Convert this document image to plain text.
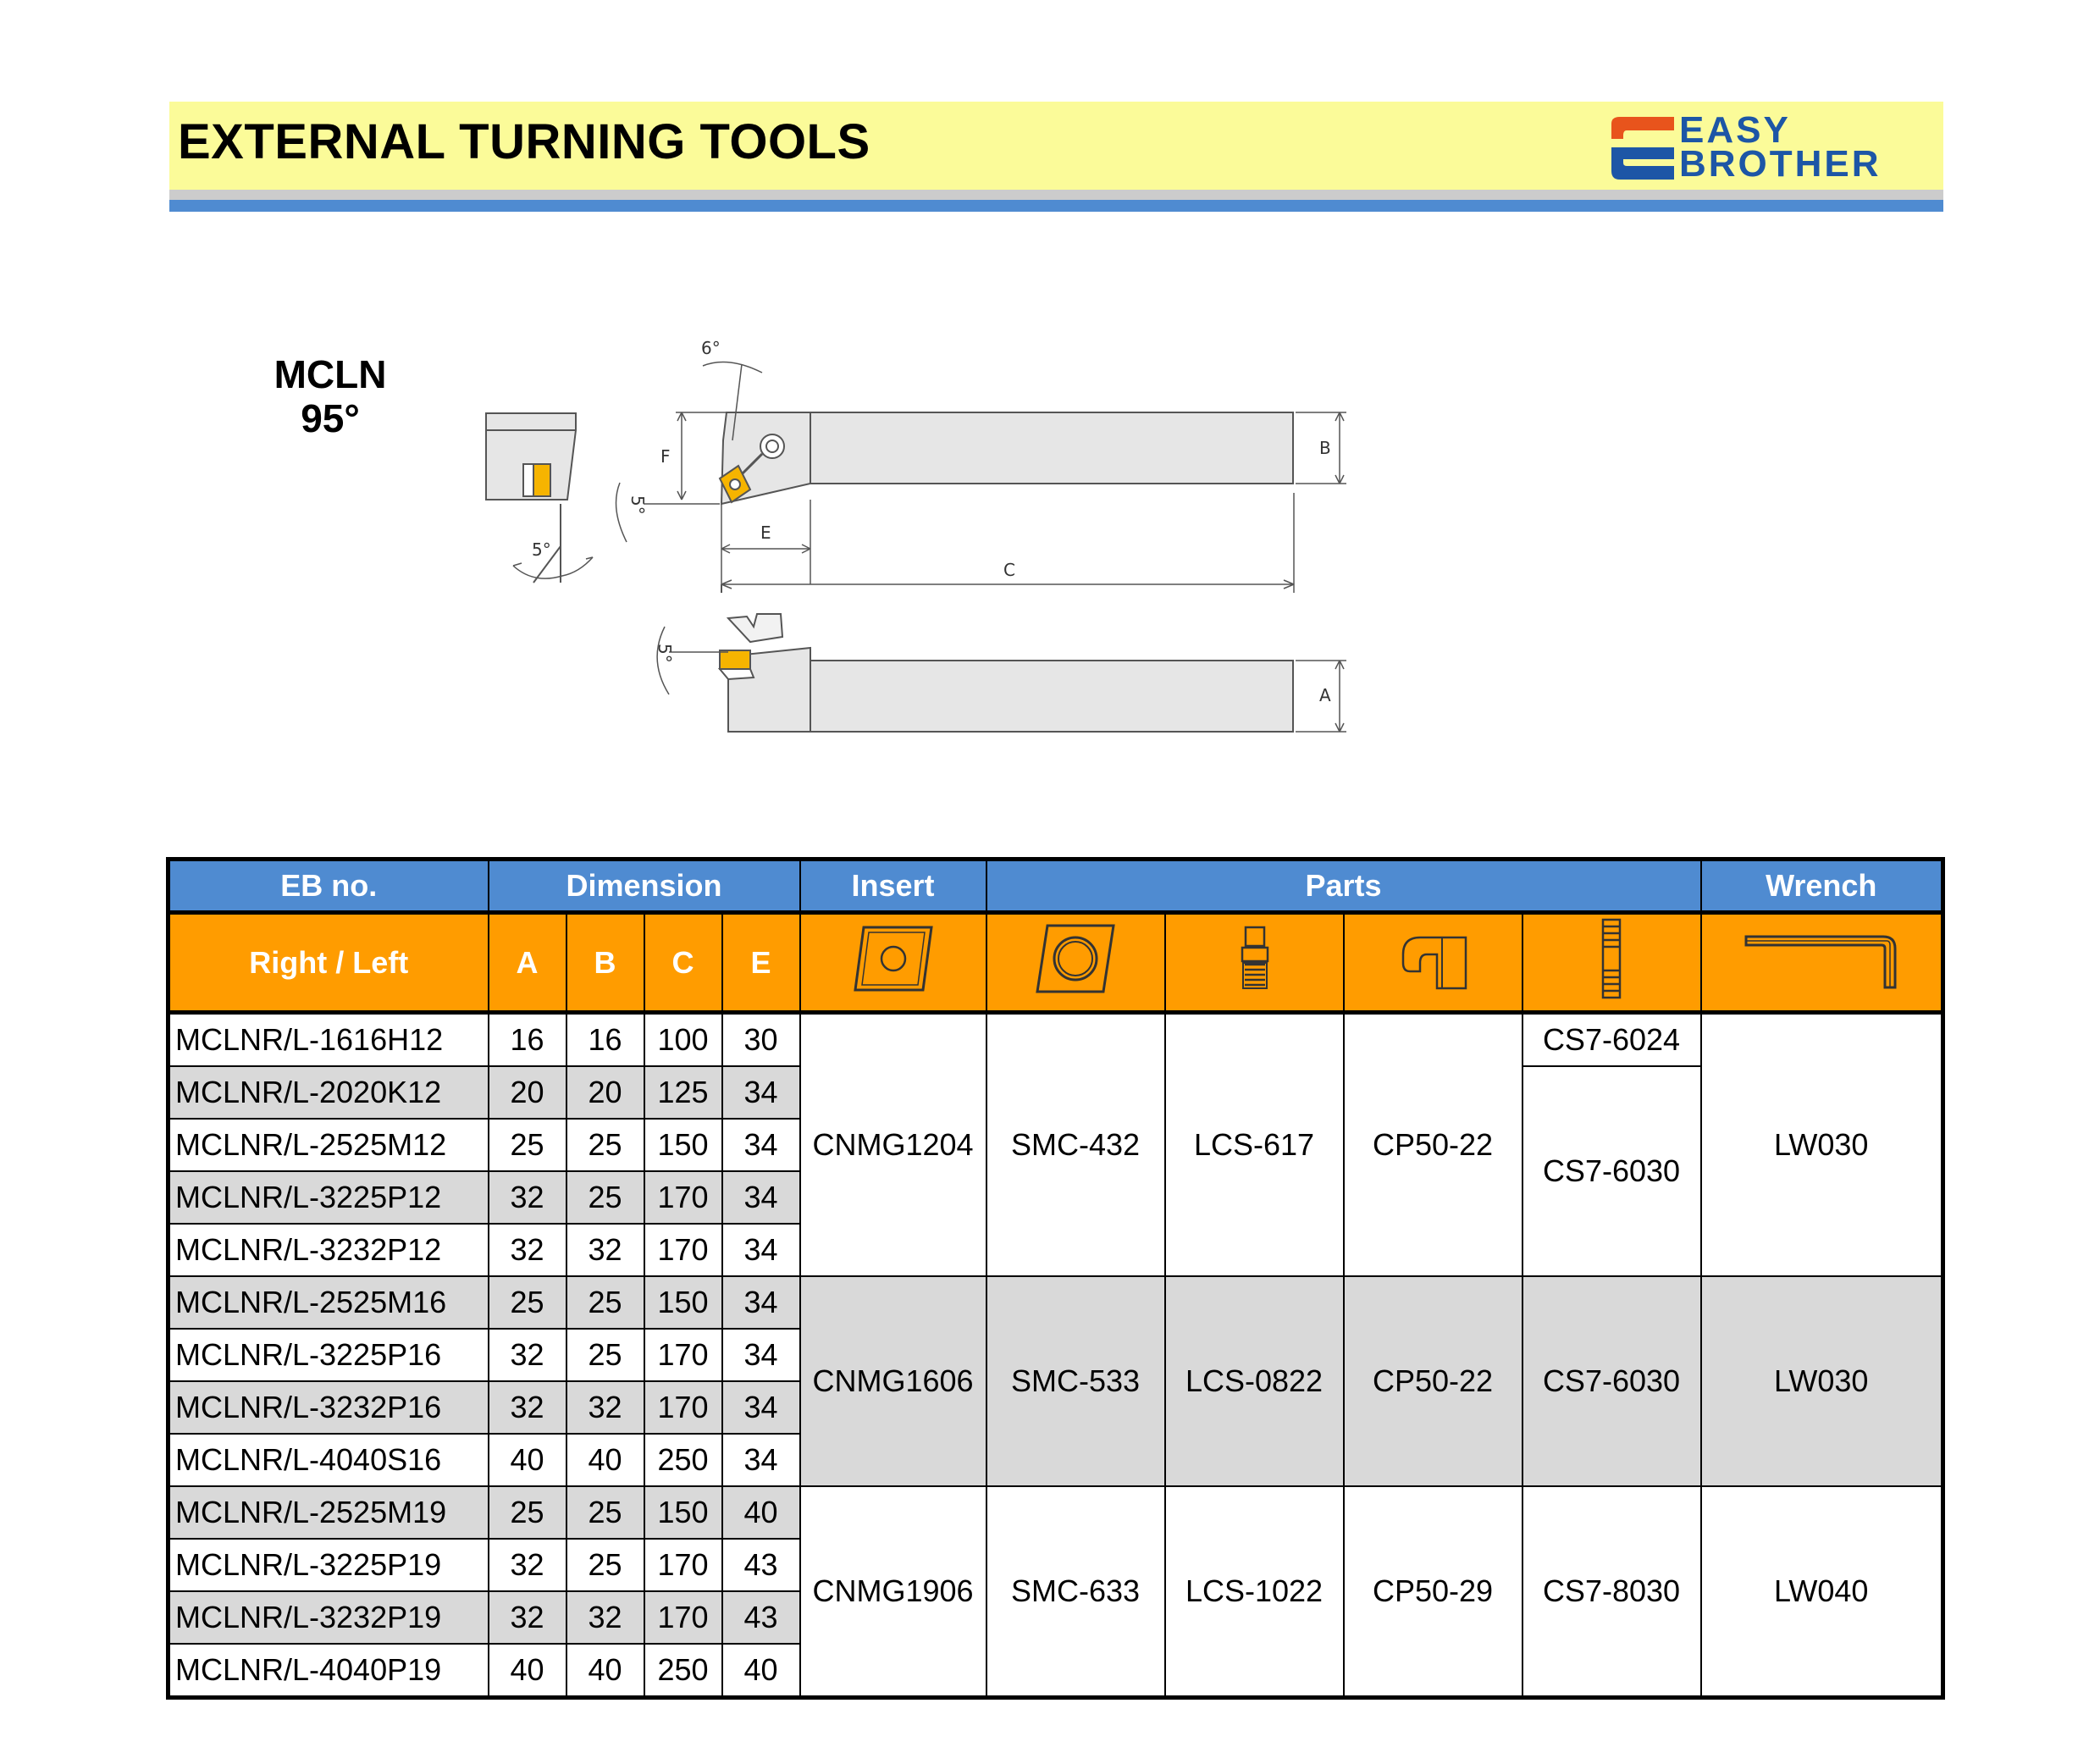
EXTERNAL TURNING TOOLS	EASY
BROTHER
MCLN
95°
6°
5°
5°
5°
F
E
C
B
A
EB no.	Dimension				Insert	Parts				Wrench
Right / Left	A	B	C	E						
MCLNR/L-1616H12	16	16	100	30	CNMG1204	SMC-432	LCS-617	CP50-22	CS7-6024	LW030
MCLNR/L-2020K12	20	20	125	34					CS7-6030	
MCLNR/L-2525M12	25	25	150	34						
MCLNR/L-3225P12	32	25	170	34						
MCLNR/L-3232P12	32	32	170	34						
MCLNR/L-2525M16	25	25	150	34	CNMG1606	SMC-533	LCS-0822	CP50-22	CS7-6030	LW030
MCLNR/L-3225P16	32	25	170	34						
MCLNR/L-3232P16	32	32	170	34						
MCLNR/L-4040S16	40	40	250	34						
MCLNR/L-2525M19	25	25	150	40	CNMG1906	SMC-633	LCS-1022	CP50-29	CS7-8030	LW040
MCLNR/L-3225P19	32	25	170	43						
MCLNR/L-3232P19	32	32	170	43						
MCLNR/L-4040P19	40	40	250	40						
